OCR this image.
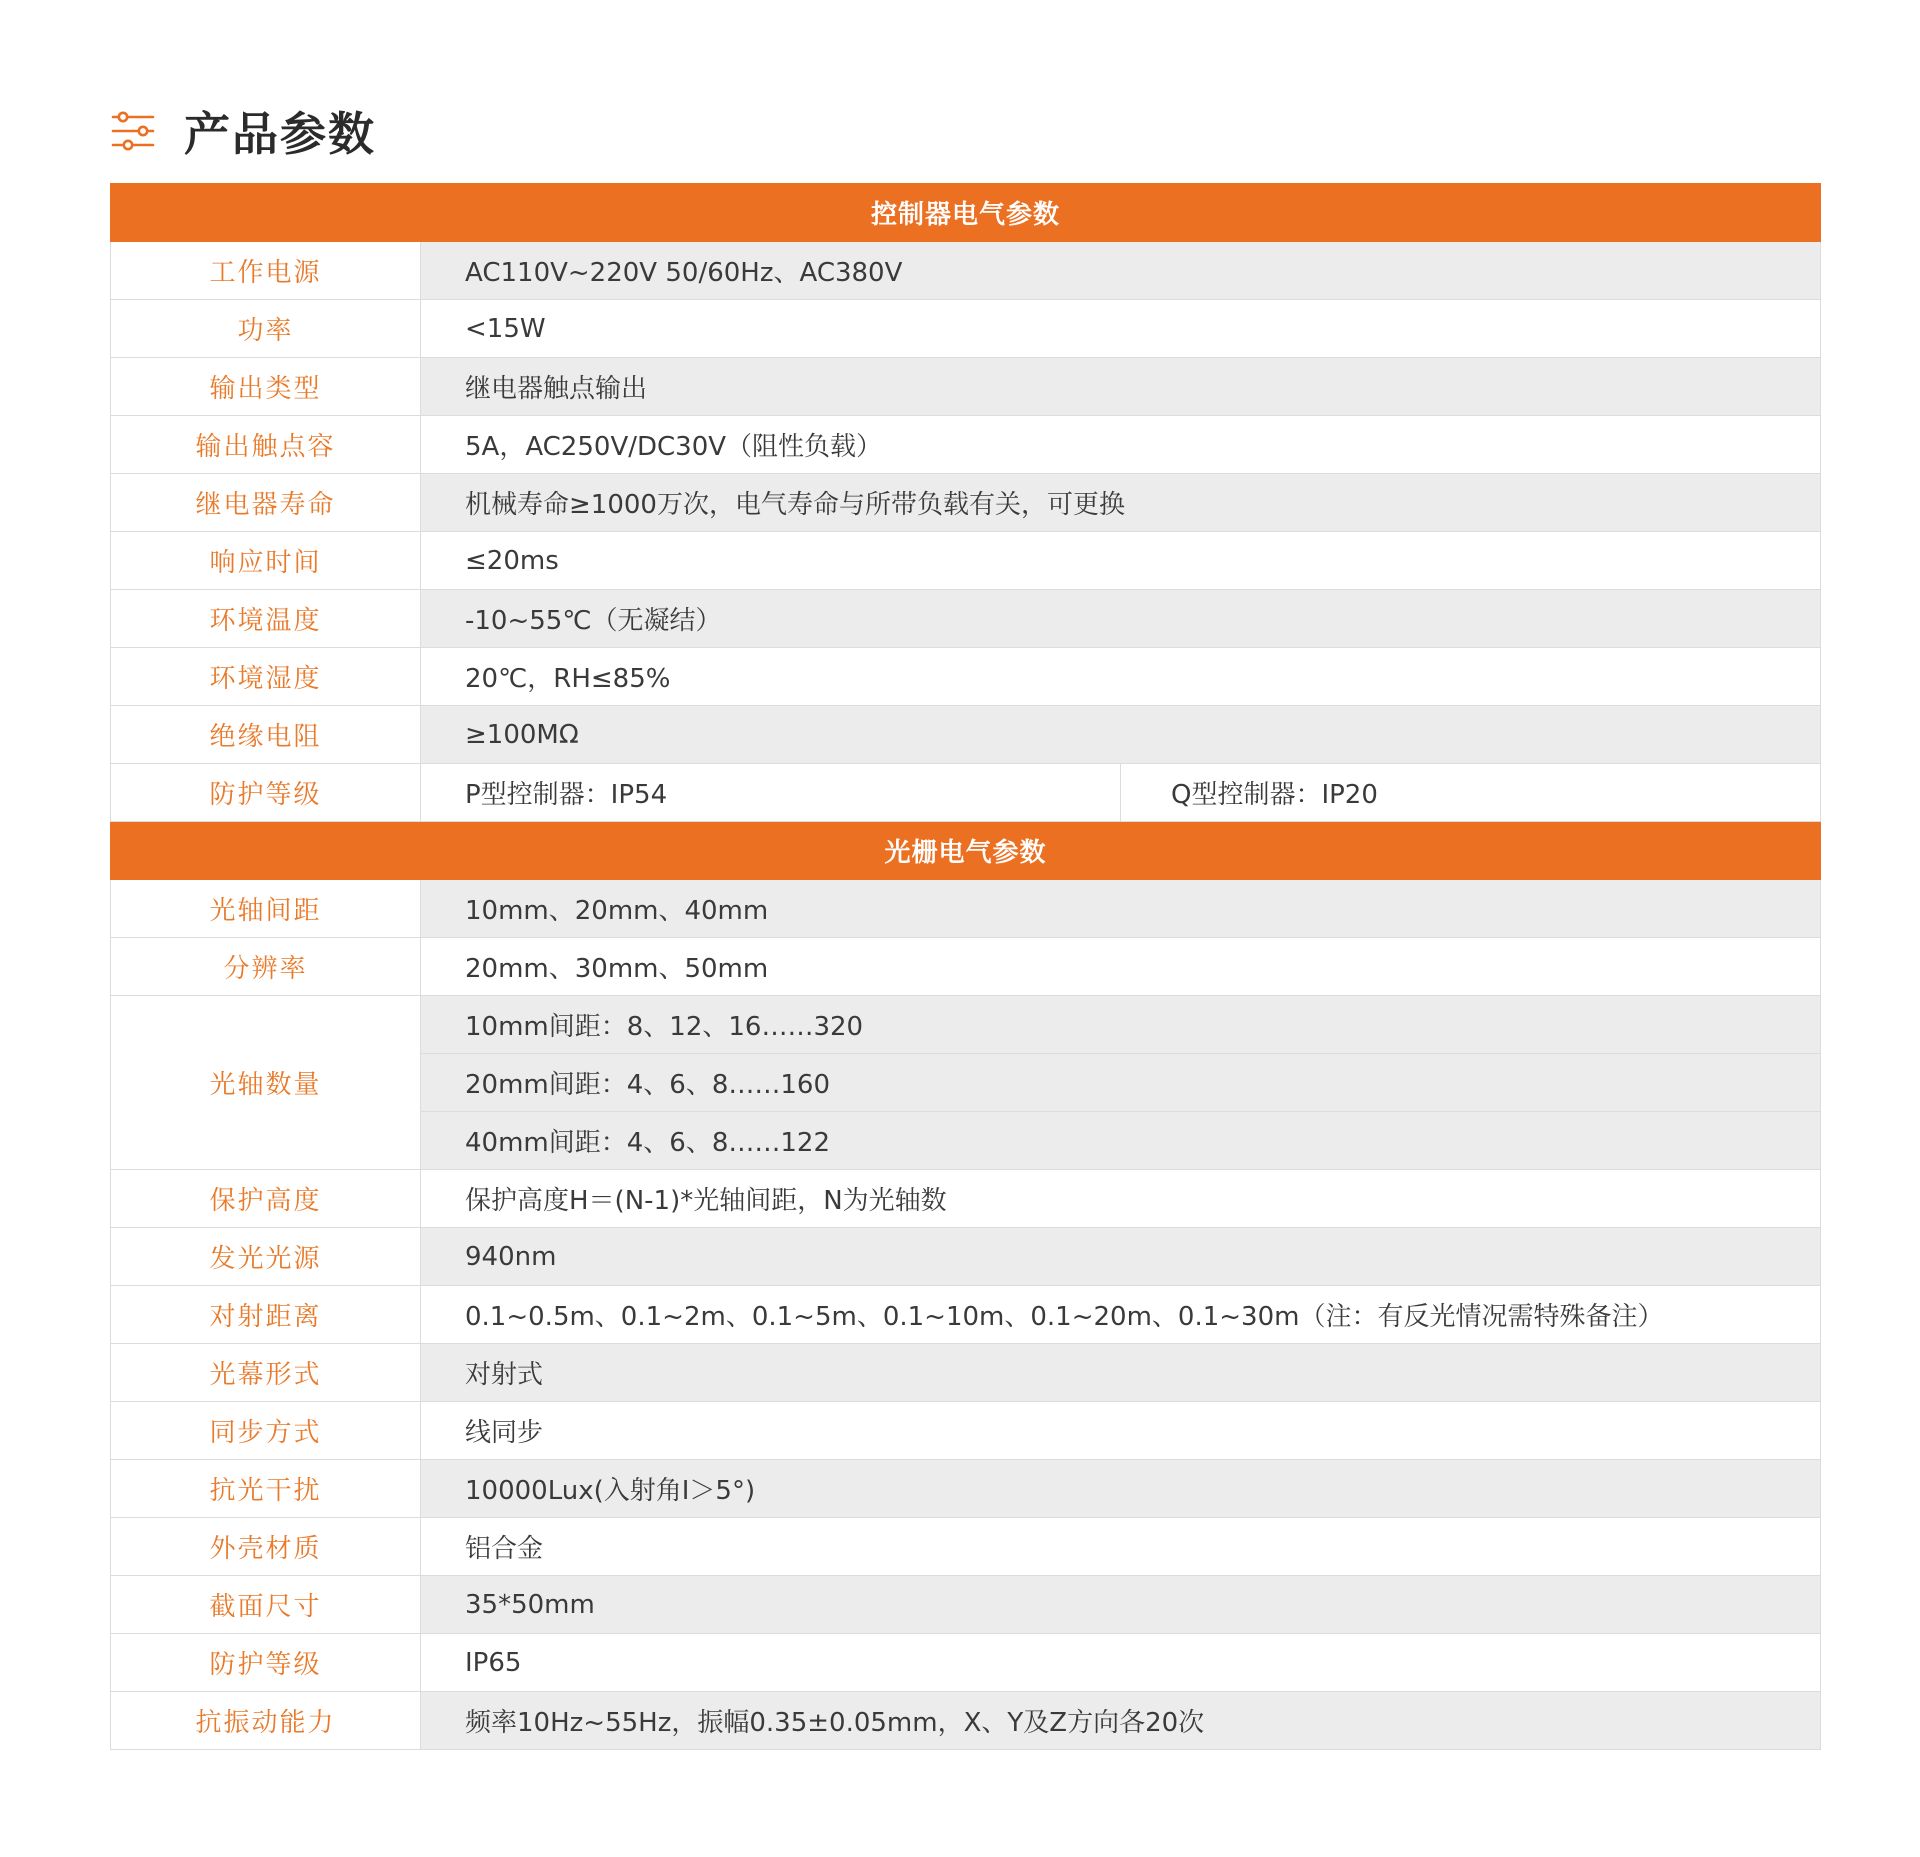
产品参数
控制器电气参数		
工作电源	AC110V~220V 50/60Hz、AC380V	
功率	<15W	
输出类型	继电器触点输出	
输出触点容	5A，AC250V/DC30V（阻性负载）	
继电器寿命	机械寿命≥1000万次，电气寿命与所带负载有关，可更换	
响应时间	≤20ms	
环境温度	-10~55℃（无凝结）	
环境湿度	20℃，RH≤85%	
绝缘电阻	≥100MΩ	
防护等级	P型控制器：IP54	Q型控制器：IP20
光栅电气参数		
光轴间距	10mm、20mm、40mm	
分辨率	20mm、30mm、50mm	
光轴数量	10mm间距：8、12、16……320	
	20mm间距：4、6、8……160	
	40mm间距：4、6、8……122	
保护高度	保护高度H＝(N-1)*光轴间距，N为光轴数	
发光光源	940nm	
对射距离	0.1~0.5m、0.1~2m、0.1~5m、0.1~10m、0.1~20m、0.1~30m（注：有反光情况需特殊备注）	
光幕形式	对射式	
同步方式	线同步	
抗光干扰	10000Lux(入射角I＞5°)	
外壳材质	铝合金	
截面尺寸	35*50mm	
防护等级	IP65	
抗振动能力	频率10Hz~55Hz，振幅0.35±0.05mm，X、Y及Z方向各20次	
